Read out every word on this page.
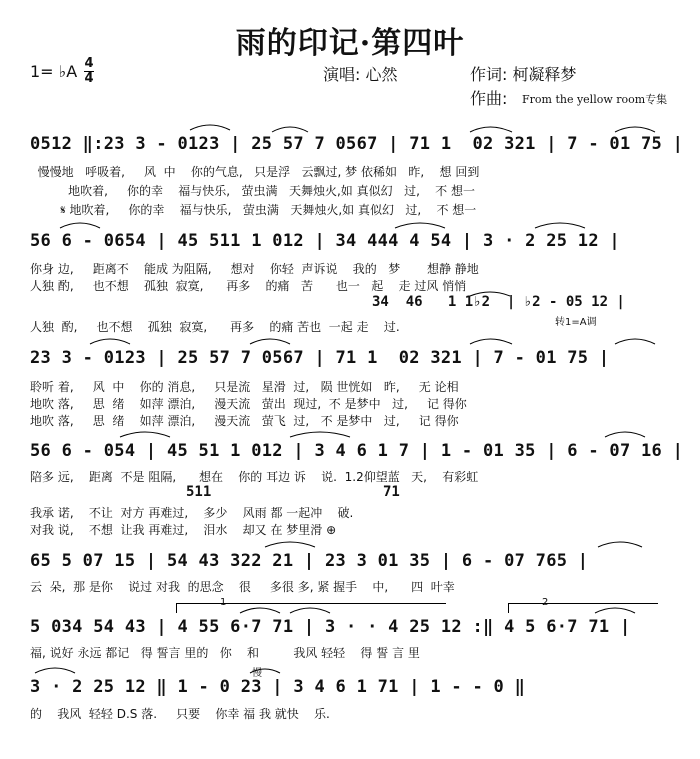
雨的印记·第四叶
1= ♭A 4
4	演唱: 心然	作词: 柯凝释梦
作曲: From the yellow room专集
0512 ‖:23 3 - 0123 | 25 57 7 0567 | 71 1  02 321 | 7 - 01 75 |
慢慢地   呼吸着,     风  中    你的气息,   只是浮   云飘过, 梦 依稀如   昨,    想 回到
地吹着,     你的幸    福与快乐,   萤虫满   天舞烛火,如 真似幻   过,    不 想一
𝄋 地吹着,     你的幸    福与快乐,   萤虫满   天舞烛火,如 真似幻   过,    不 想一
56 6 - 0654 | 45 511 1 012 | 34 444 4 54 | 3 · 2 25 12 |
你身 边,     距离不    能成 为阻隔,     想对    你轻  声诉说    我的   梦       想静 静地
人独 酌,     也不想    孤独  寂寞,      再多    的痛   苦      也一   起    走 过风 悄悄
34  46   1 1♭2  | ♭2 - 05 12 |
转1=A调
人独  酌,     也不想    孤独  寂寞,      再多    的痛 苦也  一起 走    过.
23 3 - 0123 | 25 57 7 0567 | 71 1  02 321 | 7 - 01 75 |
聆听 着,     风  中    你的 消息,     只是流   星滑  过,   陨 世恍如   昨,     无 论相
地吹 落,     思  绪    如萍 漂泊,     漫天流   萤出  现过,  不 是梦中   过,     记 得你
地吹 落,     思  绪    如萍 漂泊,     漫天流   萤飞  过,   不 是梦中   过,     记 得你
56 6 - 054 | 45 51 1 012 | 3 4 6 1 7 | 1 - 01 35 | 6 - 07 16 |
陪多 远,    距离  不是 阻隔,      想在    你的 耳边 诉    说.  1.2仰望蓝   天,    有彩虹
511	71
我承 诺,    不让  对方 再难过,    多少    风雨 都 一起冲    破.
对我 说,    不想  让我 再难过,    泪水    却又 在 梦里滑 ⊕
65 5 07 15 | 54 43 322 21 | 23 3 01 35 | 6 - 07 765 |
云  朵,  那 是你    说过 对我  的思念    很     多很 多, 紧 握手    中,      四  叶幸
1	2
5 034 54 43 | 4 55 6·7 71 | 3 · · 4 25 12 :‖ 4 5 6·7 71 |
福, 说好 永远 都记   得 誓言 里的   你    和         我风 轻轻    得 誓 言 里
慢
3 · 2 25 12 ‖ 1 - 0 23 | 3 4 6 1 71 | 1 - - 0 ‖
的    我风  轻轻 D.S 落.     只要    你幸 福 我 就快    乐.
